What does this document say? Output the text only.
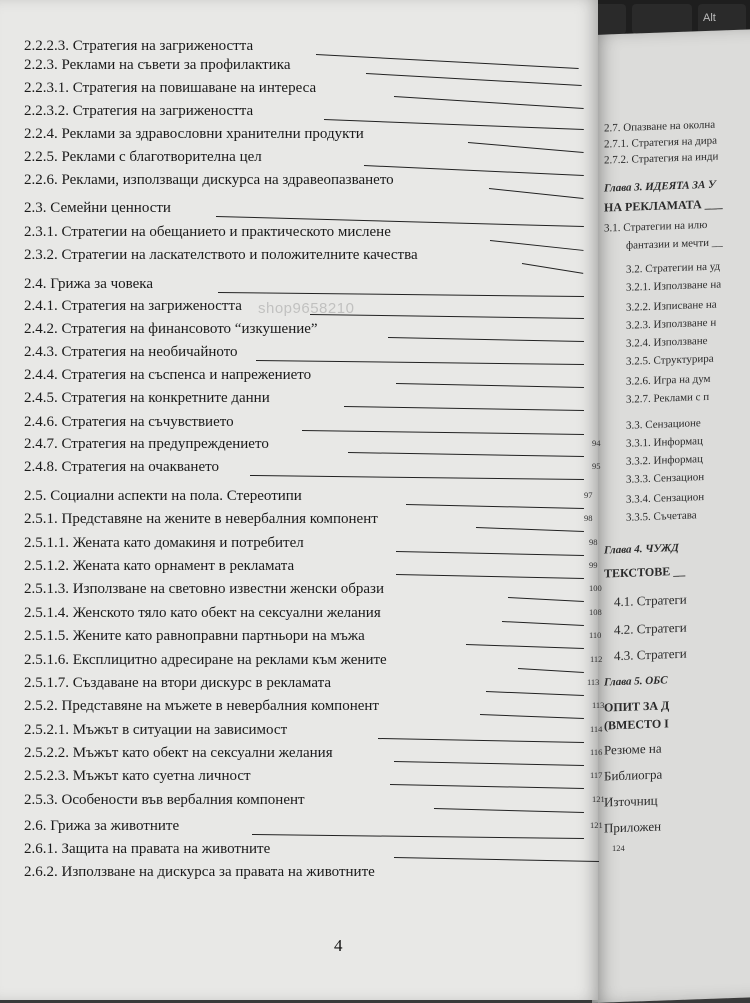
Alt
2.7. Опазване на околна
2.7.1. Стратегия на дира
2.7.2. Стратегия на инди
Глава 3. ИДЕЯТА ЗА У
НА РЕКЛАМАТА ___
3.1. Стратегии на илю
фантазии и мечти __
3.2. Стратегии на уд
3.2.1. Използване на
3.2.2. Изписване на
3.2.3. Използване н
3.2.4. Използване
3.2.5. Структурира
3.2.6. Игра на дум
3.2.7. Реклами с п
3.3. Сензационе
3.3.1. Информац
3.3.2. Информац
3.3.3. Сензацион
3.3.4. Сензацион
3.3.5. Съчетава
Глава 4. ЧУЖД
ТЕКСТОВЕ __
4.1. Стратеги
4.2. Стратеги
4.3. Стратеги
Глава 5. ОБС
ОПИТ ЗА Д
(ВМЕСТО I
Резюме на
Библиогра
Източниц
Приложен
2.2.2.3. Стратегия на загрижеността
2.2.3. Реклами на съвети за профилактика
2.2.3.1. Стратегия на повишаване на интереса
2.2.3.2. Стратегия на загрижеността
2.2.4. Реклами за здравословни хранителни продукти
2.2.5. Реклами с благотворителна цел
2.2.6. Реклами, използващи дискурса на здравеопазването
2.3. Семейни ценности
2.3.1. Стратегии на обещанието и практическото мислене
2.3.2. Стратегии на ласкателството и положителните качества
2.4. Грижа за човека
2.4.1. Стратегия на загрижеността
2.4.2. Стратегия на финансовото “изкушение”
2.4.3. Стратегия на необичайното
2.4.4. Стратегия на съспенса и напрежението
2.4.5. Стратегия на конкретните данни
2.4.6. Стратегия на съчувствието
2.4.7. Стратегия на предупреждението	94
2.4.8. Стратегия на очакването	95
2.5. Социални аспекти на пола. Стереотипи	97
2.5.1. Представяне на жените в невербалния компонент	98
2.5.1.1. Жената като домакиня и потребител	98
2.5.1.2. Жената като орнамент в рекламата	99
2.5.1.3. Използване на световно известни женски образи	100
2.5.1.4. Женското тяло като обект на сексуални желания	108
2.5.1.5. Жените като равноправни партньори на мъжа	110
2.5.1.6. Експлицитно адресиране на реклами към жените	112
2.5.1.7. Създаване на втори дискурс в рекламата	113
2.5.2. Представяне на мъжете в невербалния компонент	113
2.5.2.1. Мъжът в ситуации на зависимост	114
2.5.2.2. Мъжът като обект на сексуални желания	116
2.5.2.3. Мъжът като суетна личност	117
2.5.3. Особености във вербалния компонент	121
2.6. Грижа за животните	121
2.6.1. Защита на правата на животните	124
2.6.2. Използване на дискурса за правата на животните
shop9658210
4
